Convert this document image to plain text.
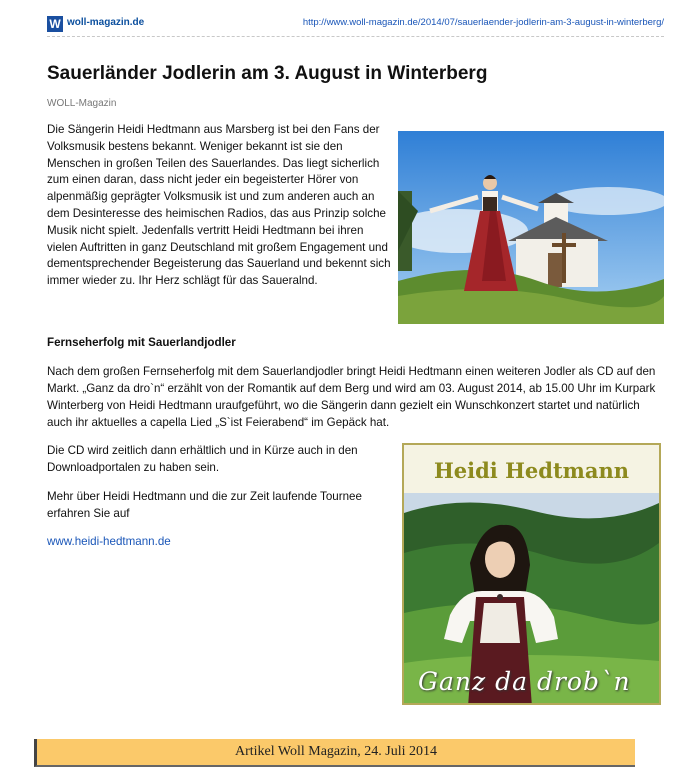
W woll-magazin.de	http://www.woll-magazin.de/2014/07/sauerlaender-jodlerin-am-3-august-in-winterberg/
Sauerländer Jodlerin am 3. August in Winterberg
WOLL-Magazin

Die Sängerin Heidi Hedtmann aus Marsberg ist bei den Fans der Volksmusik bestens bekannt. Weniger bekannt ist sie den Menschen in großen Teilen des Sauerlandes. Das liegt sicherlich zum einen daran, dass nicht jeder ein begeisterter Hörer von alpenmäßig geprägter Volksmusik ist und zum anderen auch an dem Desinteresse des heimischen Radios, das aus Prinzip solche Musik nicht spielt. Jedenfalls vertritt Heidi Hedtmann bei ihren vielen Auftritten in ganz Deutschland mit großem Engagement und dementsprechender Begeisterung das Sauerland und bekennt sich immer wieder zu. Ihr Herz schlägt für das Saueralnd.

Fernseherfolg mit Sauerlandjodler

Nach dem großen Fernseherfolg mit dem Sauerlandjodler bringt Heidi Hedtmann einen weiteren Jodler als CD auf den Markt. „Ganz da dro`n“ erzählt von der Romantik auf dem Berg und wird am 03. August 2014, ab 15.00 Uhr im Kurpark Winterberg von Heidi Hedtmann uraufgeführt, wo die Sängerin dann gezielt ein Wunschkonzert startet und natürlich auch ihr aktuelles a capella Lied „S`ist Feierabend“ im Gepäck hat.

Die CD wird zeitlich dann erhältlich und in Kürze auch in den Downloadportalen zu haben sein.

Mehr über Heidi Hedtmann und die zur Zeit laufende Tournee erfahren Sie auf

www.heidi-hedtmann.de
Heidi Hedtmann
Ganz da drob`n
Artikel Woll Magazin, 24. Juli 2014
